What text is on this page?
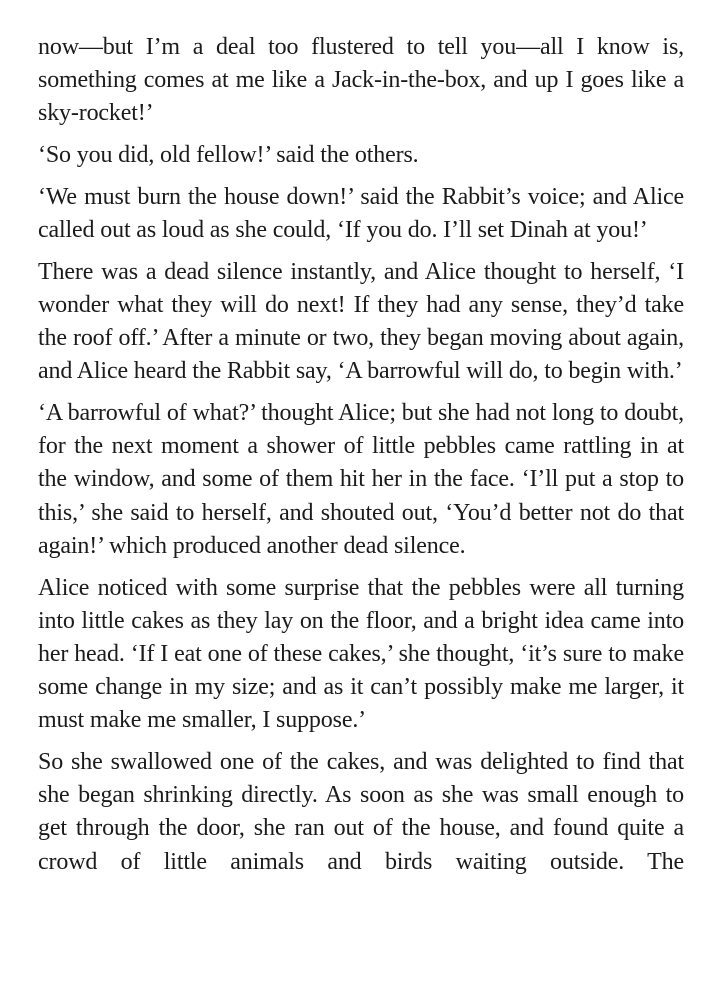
now—but I’m a deal too flustered to tell you—all I know is, something comes at me like a Jack-in-the-box, and up I goes like a sky-rocket!’

‘So you did, old fellow!’ said the others.

‘We must burn the house down!’ said the Rabbit’s voice; and Alice called out as loud as she could, ‘If you do. I’ll set Dinah at you!’

There was a dead silence instantly, and Alice thought to herself, ‘I wonder what they will do next! If they had any sense, they’d take the roof off.’ After a minute or two, they began moving about again, and Alice heard the Rabbit say, ‘A barrowful will do, to begin with.’

‘A barrowful of what?’ thought Alice; but she had not long to doubt, for the next moment a shower of little pebbles came rattling in at the window, and some of them hit her in the face. ‘I’ll put a stop to this,’ she said to herself, and shouted out, ‘You’d better not do that again!’ which produced another dead silence.

Alice noticed with some surprise that the pebbles were all turning into little cakes as they lay on the floor, and a bright idea came into her head. ‘If I eat one of these cakes,’ she thought, ‘it’s sure to make some change in my size; and as it can’t possibly make me larger, it must make me smaller, I suppose.’

So she swallowed one of the cakes, and was delighted to find that she began shrinking directly. As soon as she was small enough to get through the door, she ran out of the house, and found quite a crowd of little animals and birds waiting outside. The
